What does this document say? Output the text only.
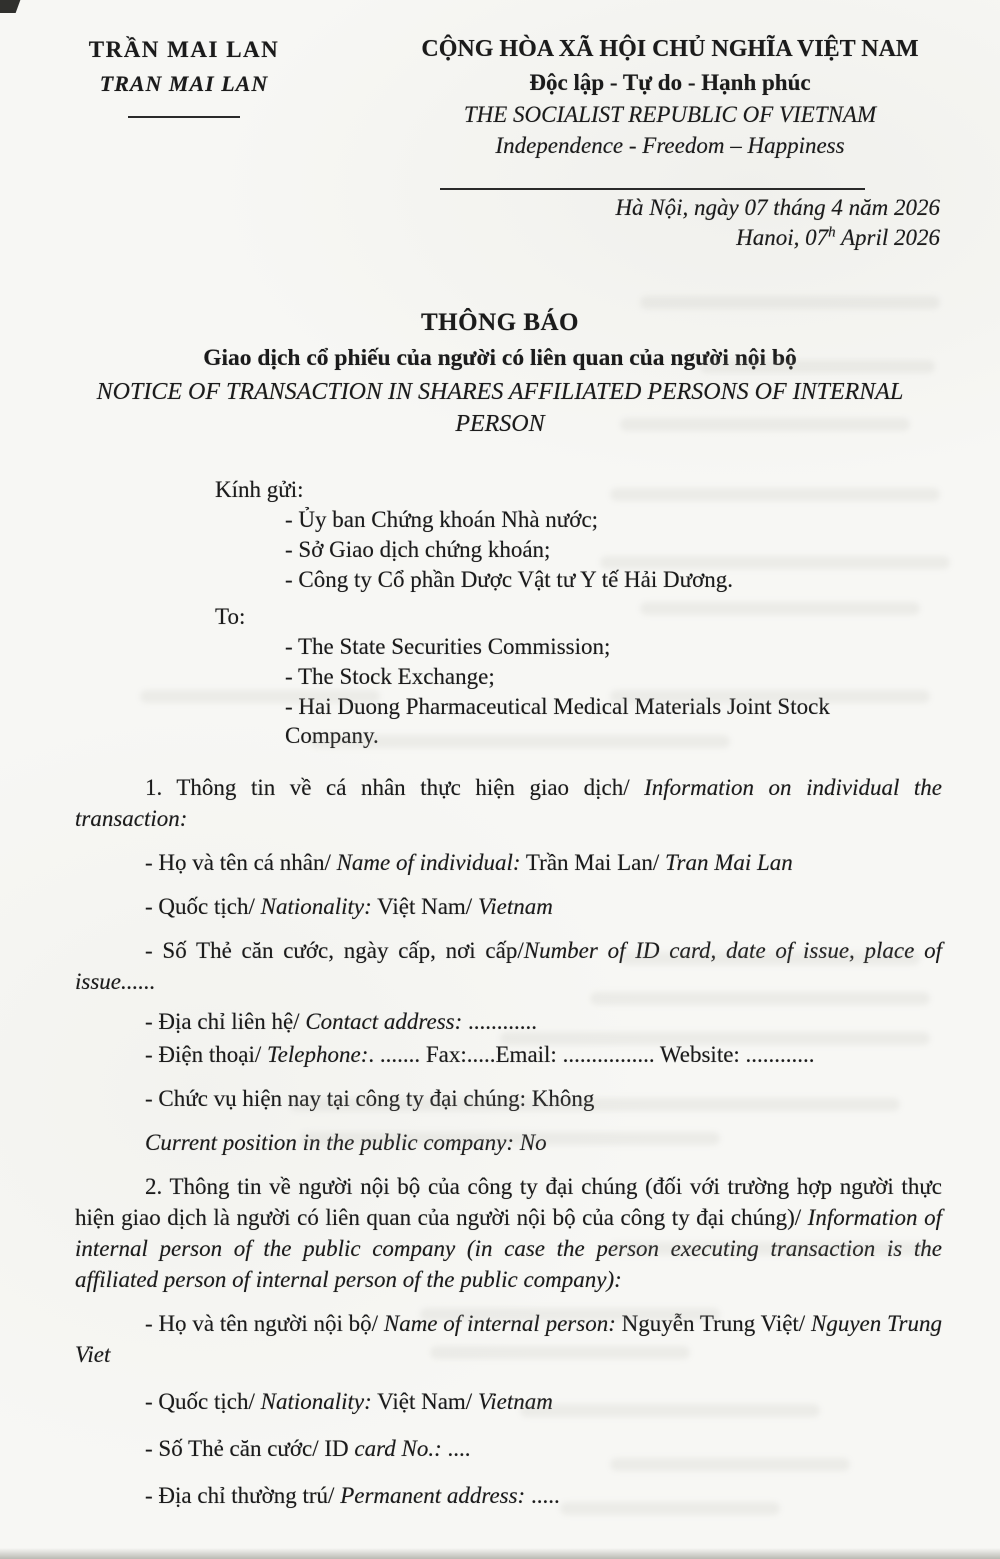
TRẦN MAI LAN
TRAN MAI LAN
CỘNG HÒA XÃ HỘI CHỦ NGHĨA VIỆT NAM
Độc lập - Tự do - Hạnh phúc
THE SOCIALIST REPUBLIC OF VIETNAM
Independence - Freedom – Happiness
Hà Nội, ngày 07 tháng 4 năm 2026
Hanoi, 07$^h$ April 2026
THÔNG BÁO
Giao dịch cổ phiếu của người có liên quan của người nội bộ
NOTICE OF TRANSACTION IN SHARES AFFILIATED PERSONS OF INTERNAL PERSON
Kính gửi:
- Ủy ban Chứng khoán Nhà nước;
- Sở Giao dịch chứng khoán;
- Công ty Cổ phần Dược Vật tư Y tế Hải Dương.
To:
- The State Securities Commission;
- The Stock Exchange;
- Hai Duong Pharmaceutical Medical Materials Joint Stock Company.
1. Thông tin về cá nhân thực hiện giao dịch/ Information on individual the transaction:
- Họ và tên cá nhân/ Name of individual: Trần Mai Lan/ Tran Mai Lan
- Quốc tịch/ Nationality: Việt Nam/ Vietnam
- Số Thẻ căn cước, ngày cấp, nơi cấp/Number of ID card, date of issue, place of issue......
- Địa chỉ liên hệ/ Contact address: ............
- Điện thoại/ Telephone:. ....... Fax:.....Email: ................ Website: ............
- Chức vụ hiện nay tại công ty đại chúng: Không
Current position in the public company: No
2. Thông tin về người nội bộ của công ty đại chúng (đối với trường hợp người thực hiện giao dịch là người có liên quan của người nội bộ của công ty đại chúng)/ Information of internal person of the public company (in case the person executing transaction is the affiliated person of internal person of the public company):
- Họ và tên người nội bộ/ Name of internal person: Nguyễn Trung Việt/ Nguyen Trung Viet
- Quốc tịch/ Nationality: Việt Nam/ Vietnam
- Số Thẻ căn cước/ ID card No.: ....
- Địa chỉ thường trú/ Permanent address: .....
